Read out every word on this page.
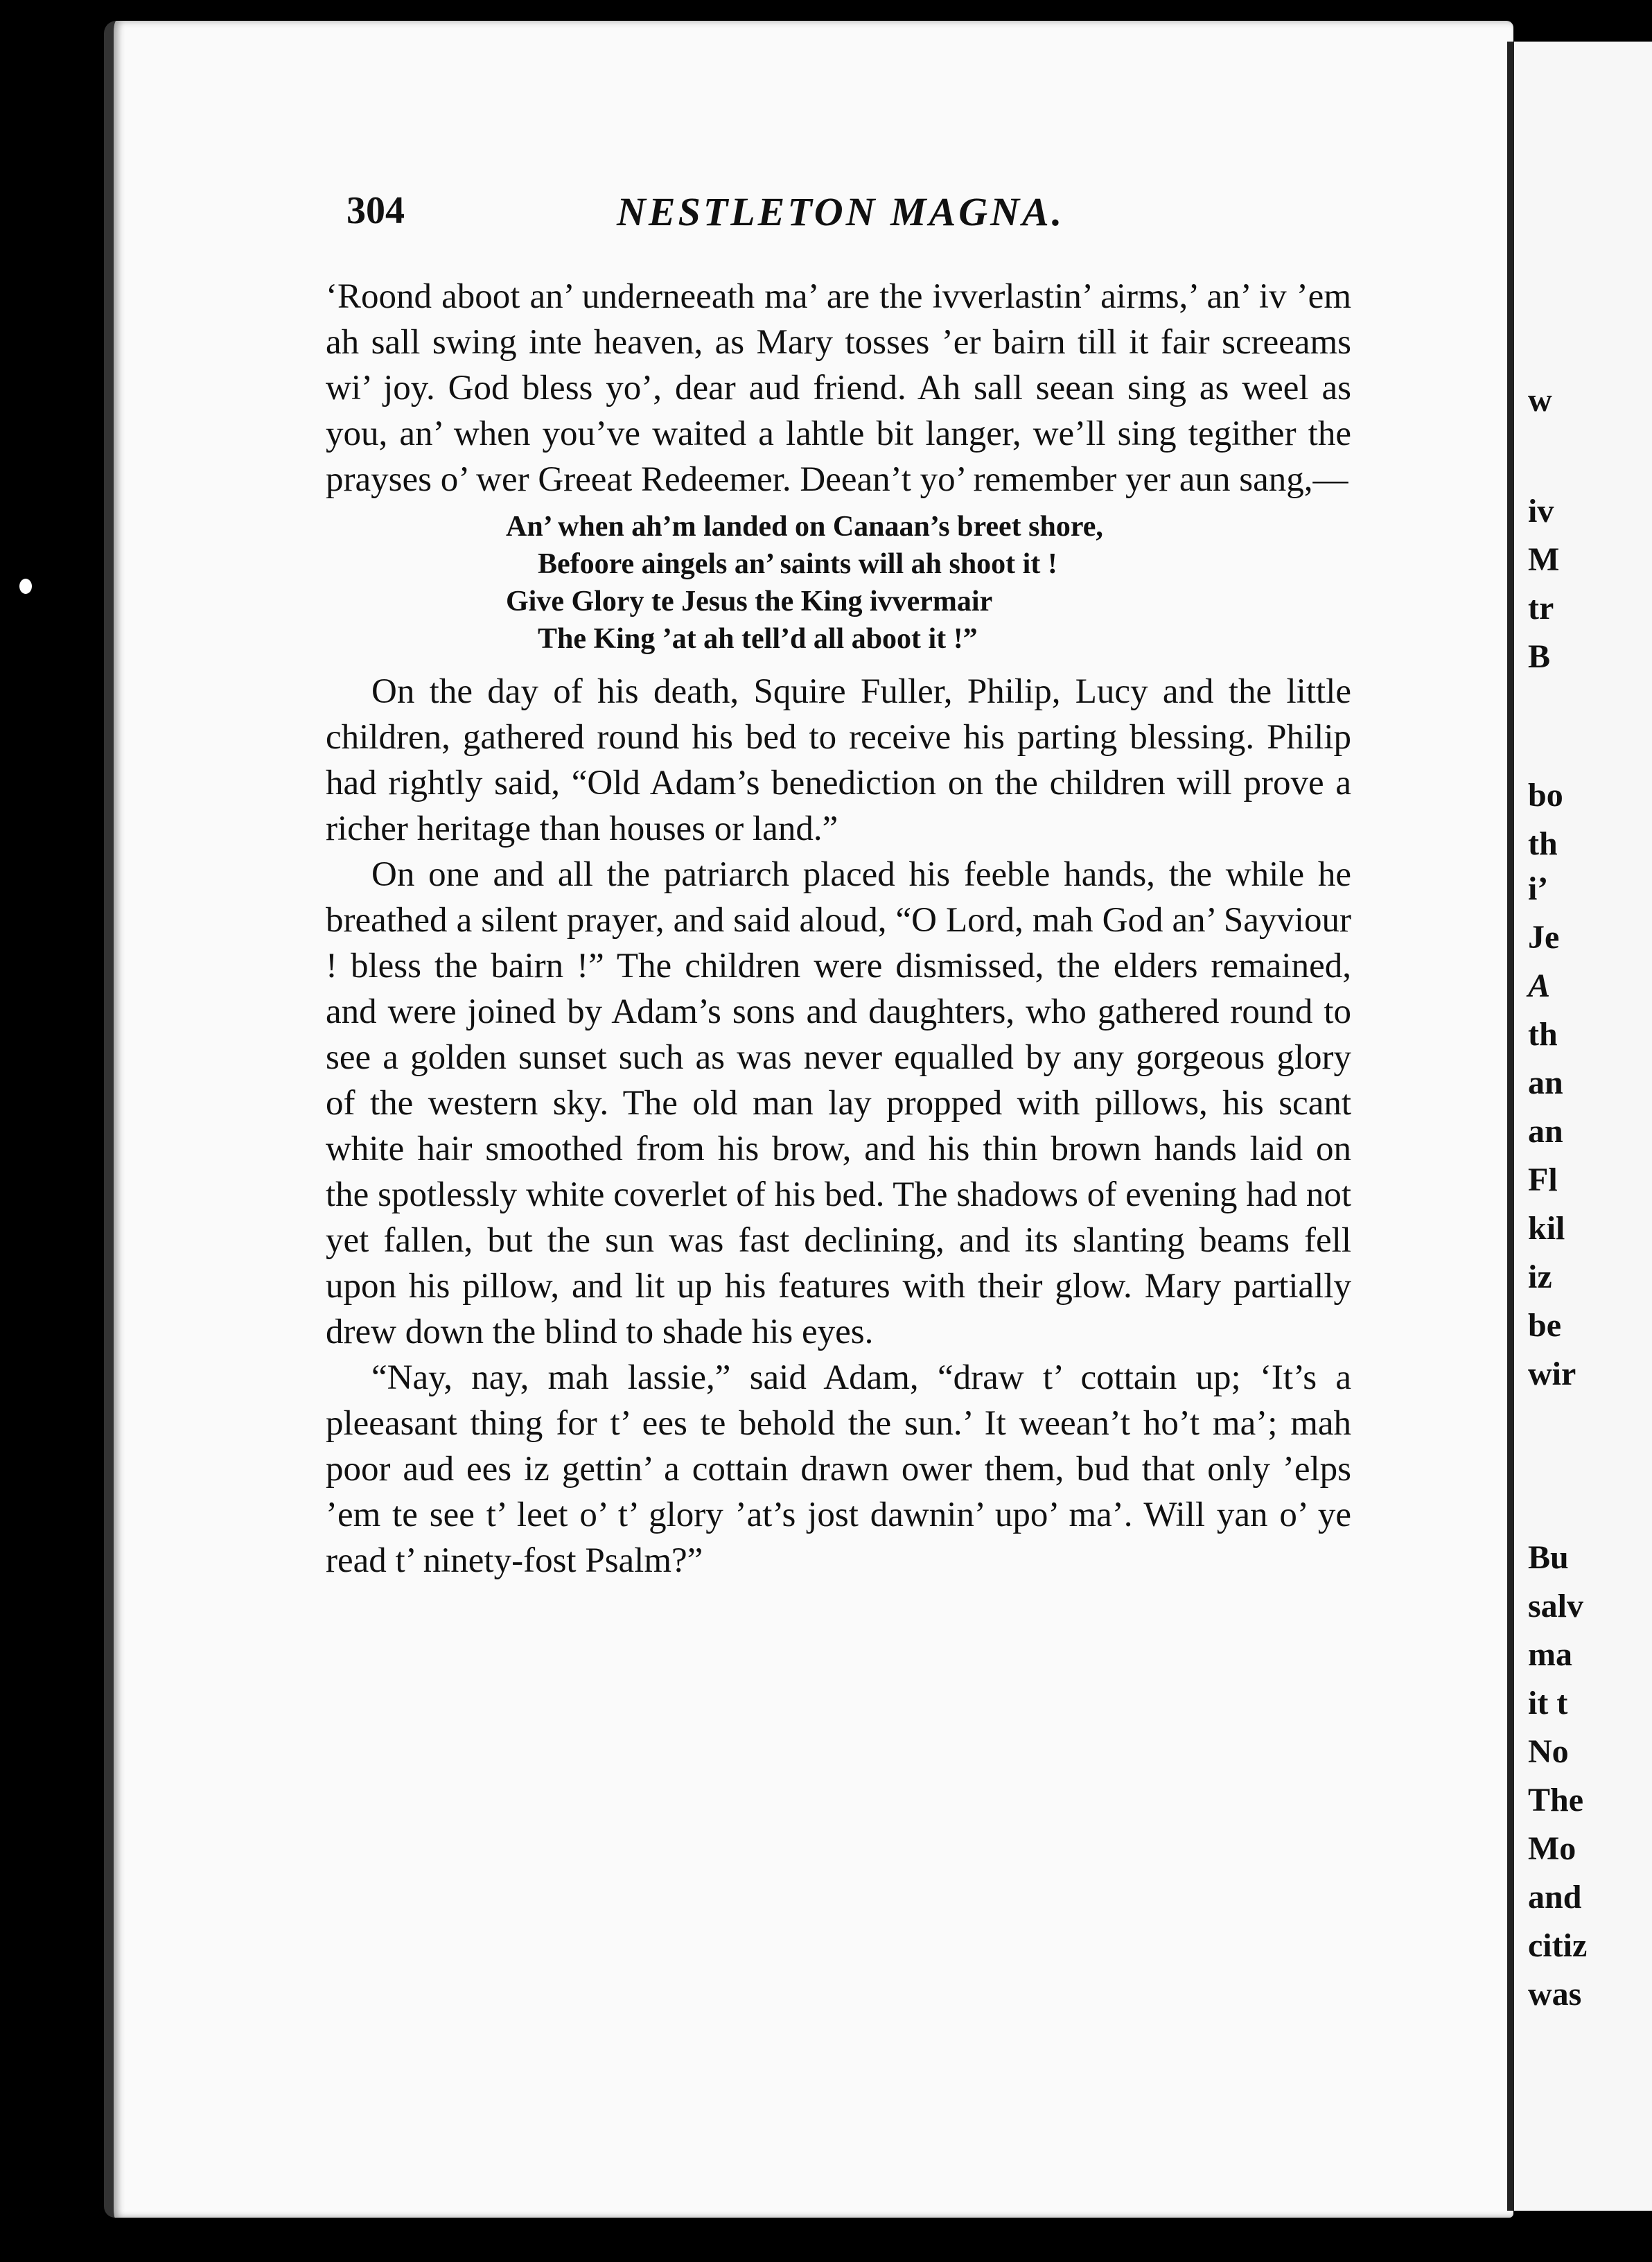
304	NESTLETON MAGNA.

‘Roond aboot an’ underneeath ma’ are the ivverlastin’ airms,’ an’ iv ’em ah sall swing inte heaven, as Mary tosses ’er bairn till it fair screeams wi’ joy. God bless yo’, dear aud friend. Ah sall seean sing as weel as you, an’ when you’ve waited a lahtle bit langer, we’ll sing tegither the prayses o’ wer Greeat Redeemer. Deean’t yo’ remember yer aun sang,—

An’ when ah’m landed on Canaan’s breet shore,
Befoore aingels an’ saints will ah shoot it !
Give Glory te Jesus the King ivvermair
The King ’at ah tell’d all aboot it !”

On the day of his death, Squire Fuller, Philip, Lucy and the little children, gathered round his bed to receive his parting blessing. Philip had rightly said, “Old Adam’s benediction on the children will prove a richer heritage than houses or land.”

On one and all the patriarch placed his feeble hands, the while he breathed a silent prayer, and said aloud, “O Lord, mah God an’ Sayviour ! bless the bairn !” The children were dismissed, the elders remained, and were joined by Adam’s sons and daughters, who gathered round to see a golden sunset such as was never equalled by any gorgeous glory of the western sky. The old man lay propped with pillows, his scant white hair smoothed from his brow, and his thin brown hands laid on the spotlessly white coverlet of his bed. The shadows of evening had not yet fallen, but the sun was fast declining, and its slanting beams fell upon his pillow, and lit up his features with their glow. Mary partially drew down the blind to shade his eyes.

“Nay, nay, mah lassie,” said Adam, “draw t’ cottain up; ‘It’s a pleeasant thing for t’ ees te behold the sun.’ It weean’t ho’t ma’; mah poor aud ees iz gettin’ a cottain drawn ower them, bud that only ’elps ’em te see t’ leet o’ t’ glory ’at’s jost dawnin’ upo’ ma’. Will yan o’ ye read t’ ninety-fost Psalm?”

w

iv

M

tr

B

bo

th

i’

Je

A

th

an

an

Fl

kil

iz

be

wir

Bu

salv

ma

it t

No

The

Mo

and

citiz

was
